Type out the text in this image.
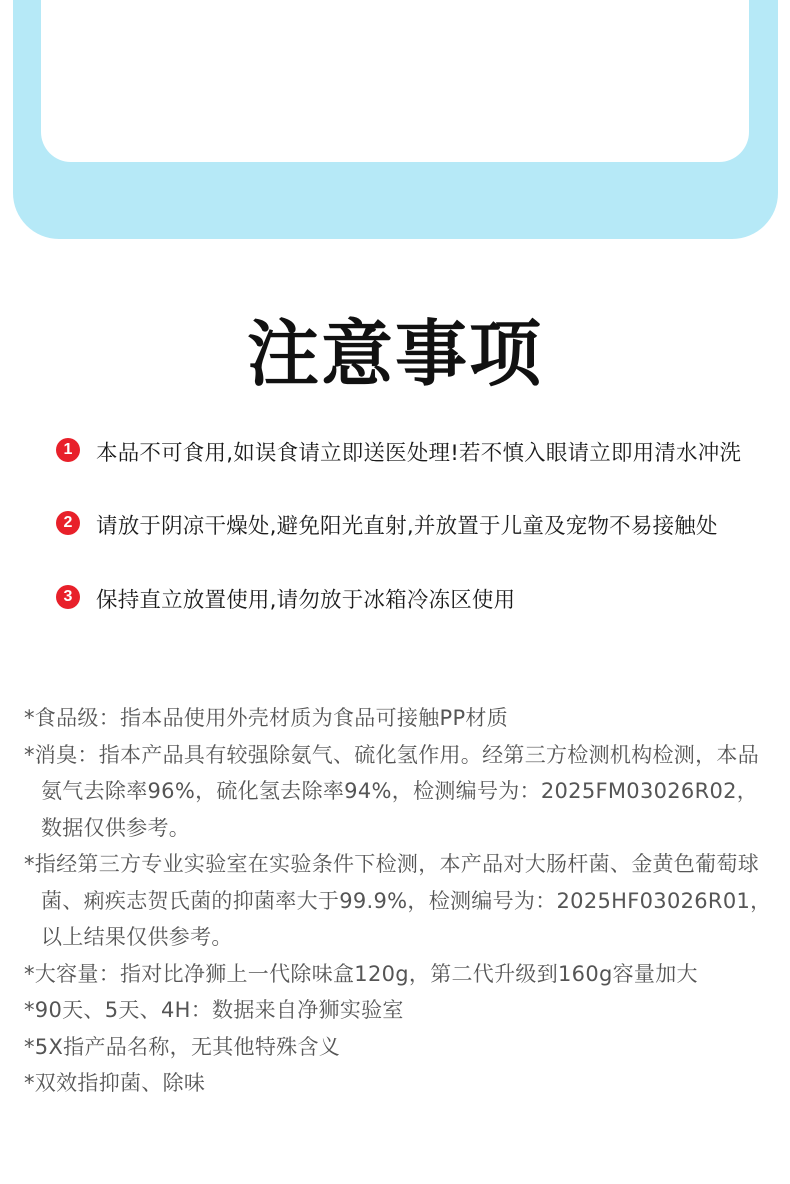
注意事项
1	本品不可食用,如误食请立即送医处理!若不慎入眼请立即用清水冲洗

2	请放于阴凉干燥处,避免阳光直射,并放置于儿童及宠物不易接触处

3	保持直立放置使用,请勿放于冰箱冷冻区使用

*食品级：指本品使用外壳材质为食品可接触PP材质

*消臭：指本产品具有较强除氨气、硫化氢作用。经第三方检测机构检测，本品氨气去除率96%，硫化氢去除率94%，检测编号为：2025FM03026R02，数据仅供参考。

*指经第三方专业实验室在实验条件下检测，本产品对大肠杆菌、金黄色葡萄球菌、痢疾志贺氏菌的抑菌率大于99.9%，检测编号为：2025HF03026R01，以上结果仅供参考。

*大容量：指对比净狮上一代除味盒120g，第二代升级到160g容量加大

*90天、5天、4H：数据来自净狮实验室

*5X指产品名称，无其他特殊含义

*双效指抑菌、除味
